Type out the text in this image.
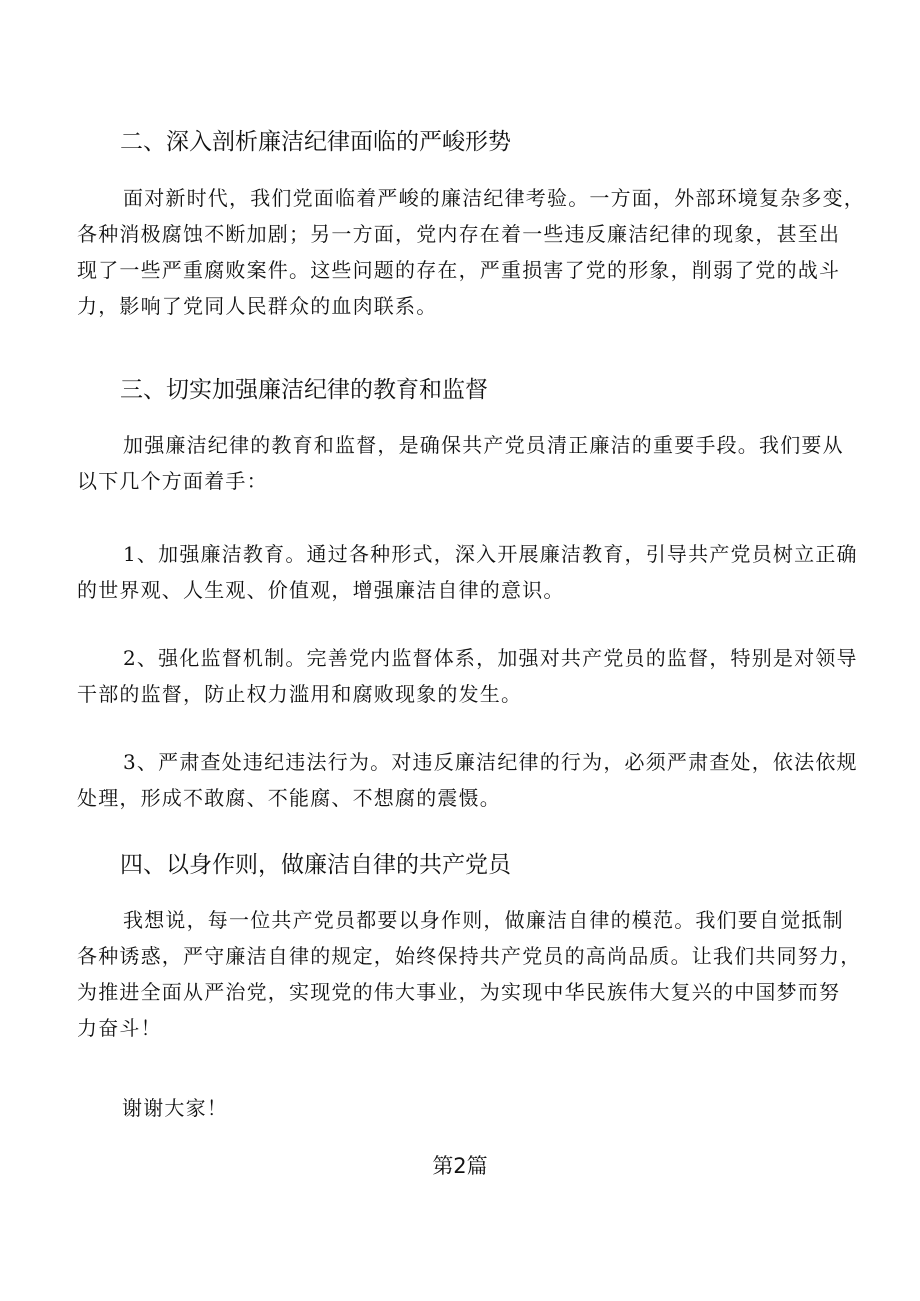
二、深入剖析廉洁纪律面临的严峻形势
面对新时代，我们党面临着严峻的廉洁纪律考验。一方面，外部环境复杂多变，
各种消极腐蚀不断加剧；另一方面，党内存在着一些违反廉洁纪律的现象，甚至出
现了一些严重腐败案件。这些问题的存在，严重损害了党的形象，削弱了党的战斗
力，影响了党同人民群众的血肉联系。
三、切实加强廉洁纪律的教育和监督
加强廉洁纪律的教育和监督，是确保共产党员清正廉洁的重要手段。我们要从
以下几个方面着手：
1、加强廉洁教育。通过各种形式，深入开展廉洁教育，引导共产党员树立正确
的世界观、人生观、价值观，增强廉洁自律的意识。
2、强化监督机制。完善党内监督体系，加强对共产党员的监督，特别是对领导
干部的监督，防止权力滥用和腐败现象的发生。
3、严肃查处违纪违法行为。对违反廉洁纪律的行为，必须严肃查处，依法依规
处理，形成不敢腐、不能腐、不想腐的震慑。
四、以身作则，做廉洁自律的共产党员
我想说，每一位共产党员都要以身作则，做廉洁自律的模范。我们要自觉抵制
各种诱惑，严守廉洁自律的规定，始终保持共产党员的高尚品质。让我们共同努力，
为推进全面从严治党，实现党的伟大事业，为实现中华民族伟大复兴的中国梦而努
力奋斗！
谢谢大家！
第2篇
